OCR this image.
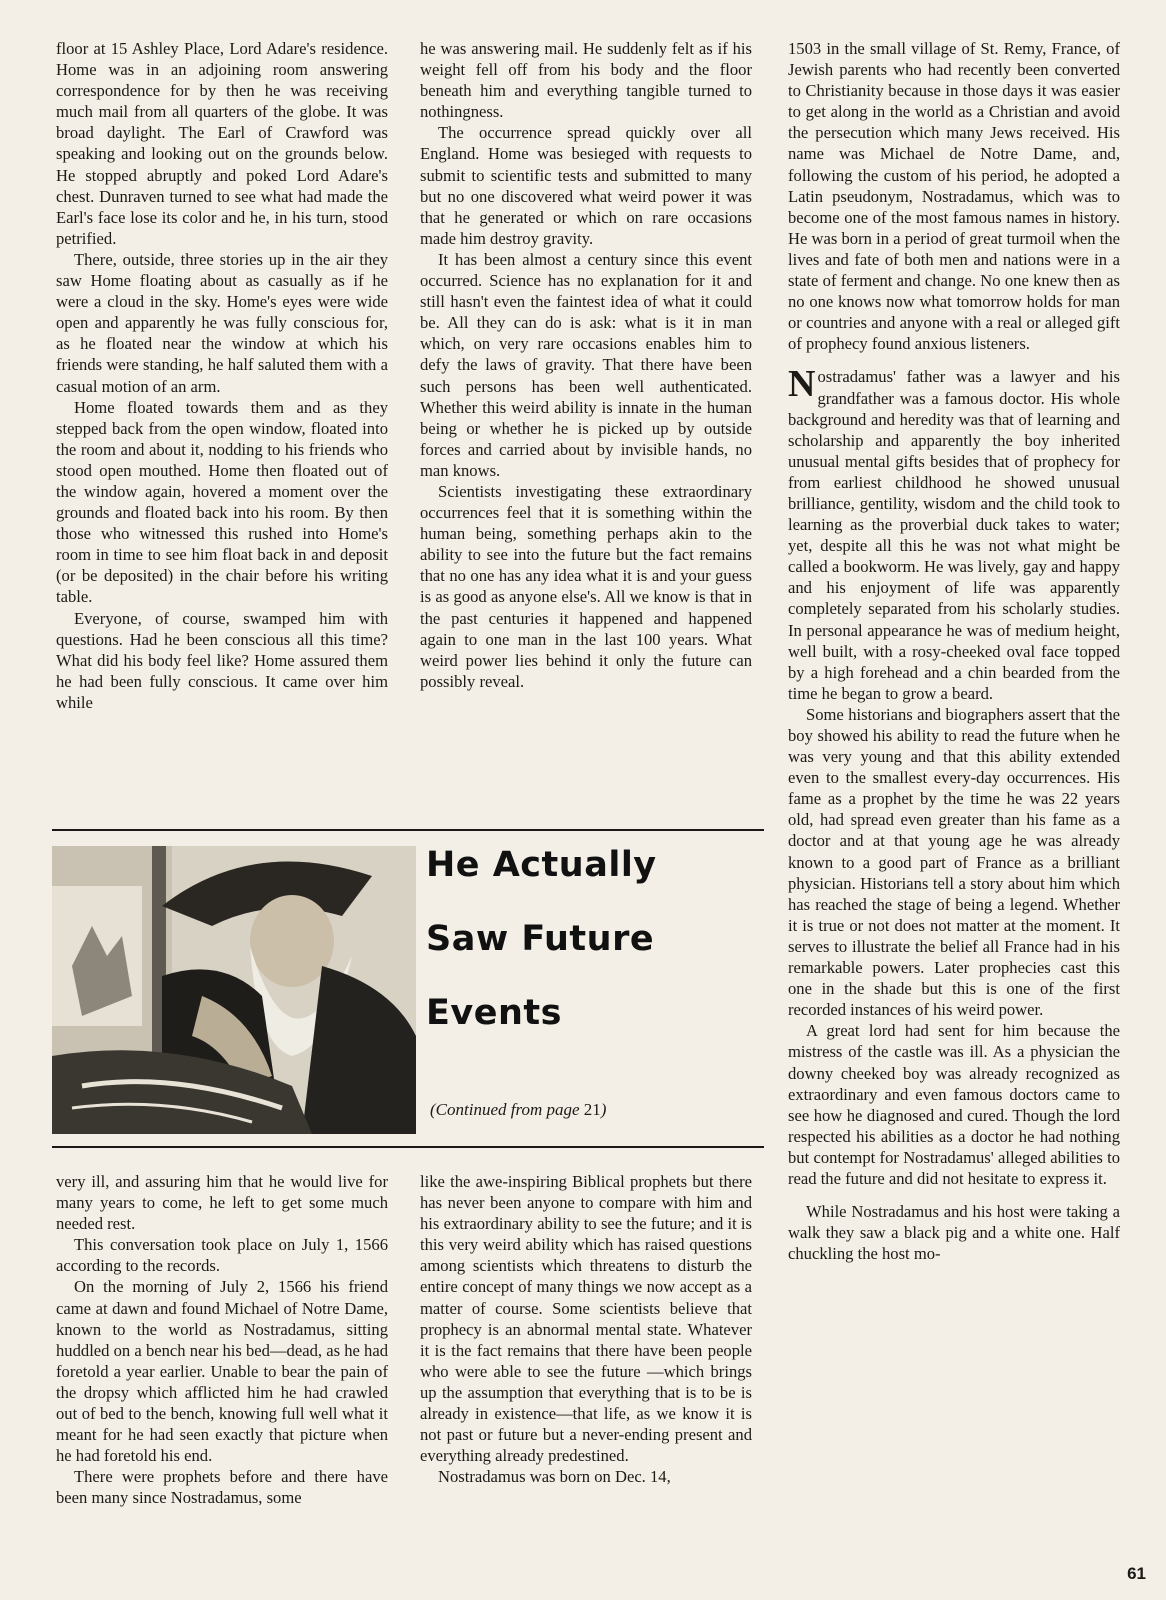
floor at 15 Ashley Place, Lord Adare's residence. Home was in an adjoining room answering correspondence for by then he was receiving much mail from all quarters of the globe. It was broad daylight. The Earl of Crawford was speaking and looking out on the grounds below. He stopped abruptly and poked Lord Adare's chest. Dunraven turned to see what had made the Earl's face lose its color and he, in his turn, stood petrified.

There, outside, three stories up in the air they saw Home floating about as casually as if he were a cloud in the sky. Home's eyes were wide open and apparently he was fully conscious for, as he floated near the window at which his friends were standing, he half saluted them with a casual motion of an arm.

Home floated towards them and as they stepped back from the open window, floated into the room and about it, nodding to his friends who stood open mouthed. Home then floated out of the window again, hovered a moment over the grounds and floated back into his room. By then those who witnessed this rushed into Home's room in time to see him float back in and deposit (or be deposited) in the chair before his writing table.

Everyone, of course, swamped him with questions. Had he been conscious all this time? What did his body feel like? Home assured them he had been fully conscious. It came over him while

he was answering mail. He suddenly felt as if his weight fell off from his body and the floor beneath him and everything tangible turned to nothingness.

The occurrence spread quickly over all England. Home was besieged with requests to submit to scientific tests and submitted to many but no one discovered what weird power it was that he generated or which on rare occasions made him destroy gravity.

It has been almost a century since this event occurred. Science has no explanation for it and still hasn't even the faintest idea of what it could be. All they can do is ask: what is it in man which, on very rare occasions enables him to defy the laws of gravity. That there have been such persons has been well authenticated. Whether this weird ability is innate in the human being or whether he is picked up by outside forces and carried about by invisible hands, no man knows.

Scientists investigating these extraordinary occurrences feel that it is something within the human being, something perhaps akin to the ability to see into the future but the fact remains that no one has any idea what it is and your guess is as good as anyone else's. All we know is that in the past centuries it happened and happened again to one man in the last 100 years. What weird power lies behind it only the future can possibly reveal.

1503 in the small village of St. Remy, France, of Jewish parents who had recently been converted to Christianity because in those days it was easier to get along in the world as a Christian and avoid the persecution which many Jews received. His name was Michael de Notre Dame, and, following the custom of his period, he adopted a Latin pseudonym, Nostradamus, which was to become one of the most famous names in history. He was born in a period of great turmoil when the lives and fate of both men and nations were in a state of ferment and change. No one knew then as no one knows now what tomorrow holds for man or countries and anyone with a real or alleged gift of prophecy found anxious listeners.

Nostradamus' father was a lawyer and his grandfather was a famous doctor. His whole background and heredity was that of learning and scholarship and apparently the boy inherited unusual mental gifts besides that of prophecy for from earliest childhood he showed unusual brilliance, gentility, wisdom and the child took to learning as the proverbial duck takes to water; yet, despite all this he was not what might be called a bookworm. He was lively, gay and happy and his enjoyment of life was apparently completely separated from his scholarly studies. In personal appearance he was of medium height, well built, with a rosy-cheeked oval face topped by a high forehead and a chin bearded from the time he began to grow a beard.

Some historians and biographers assert that the boy showed his ability to read the future when he was very young and that this ability extended even to the smallest every-day occurrences. His fame as a prophet by the time he was 22 years old, had spread even greater than his fame as a doctor and at that young age he was already known to a good part of France as a brilliant physician. Historians tell a story about him which has reached the stage of being a legend. Whether it is true or not does not matter at the moment. It serves to illustrate the belief all France had in his remarkable powers. Later prophecies cast this one in the shade but this is one of the first recorded instances of his weird power.

A great lord had sent for him because the mistress of the castle was ill. As a physician the downy cheeked boy was already recognized as extraordinary and even famous doctors came to see how he diagnosed and cured. Though the lord respected his abilities as a doctor he had nothing but contempt for Nostradamus' alleged abilities to read the future and did not hesitate to express it.

While Nostradamus and his host were taking a walk they saw a black pig and a white one. Half chuckling the host mo-

He Actually
Saw Future
Events
(Continued from page 21)

very ill, and assuring him that he would live for many years to come, he left to get some much needed rest.

This conversation took place on July 1, 1566 according to the records.

On the morning of July 2, 1566 his friend came at dawn and found Michael of Notre Dame, known to the world as Nostradamus, sitting huddled on a bench near his bed—dead, as he had foretold a year earlier. Unable to bear the pain of the dropsy which afflicted him he had crawled out of bed to the bench, knowing full well what it meant for he had seen exactly that picture when he had foretold his end.

There were prophets before and there have been many since Nostradamus, some

like the awe-inspiring Biblical prophets but there has never been anyone to compare with him and his extraordinary ability to see the future; and it is this very weird ability which has raised questions among scientists which threatens to disturb the entire concept of many things we now accept as a matter of course. Some scientists believe that prophecy is an abnormal mental state. Whatever it is the fact remains that there have been people who were able to see the future —which brings up the assumption that everything that is to be is already in existence—that life, as we know it is not past or future but a never-ending present and everything already predestined.

Nostradamus was born on Dec. 14,

61
